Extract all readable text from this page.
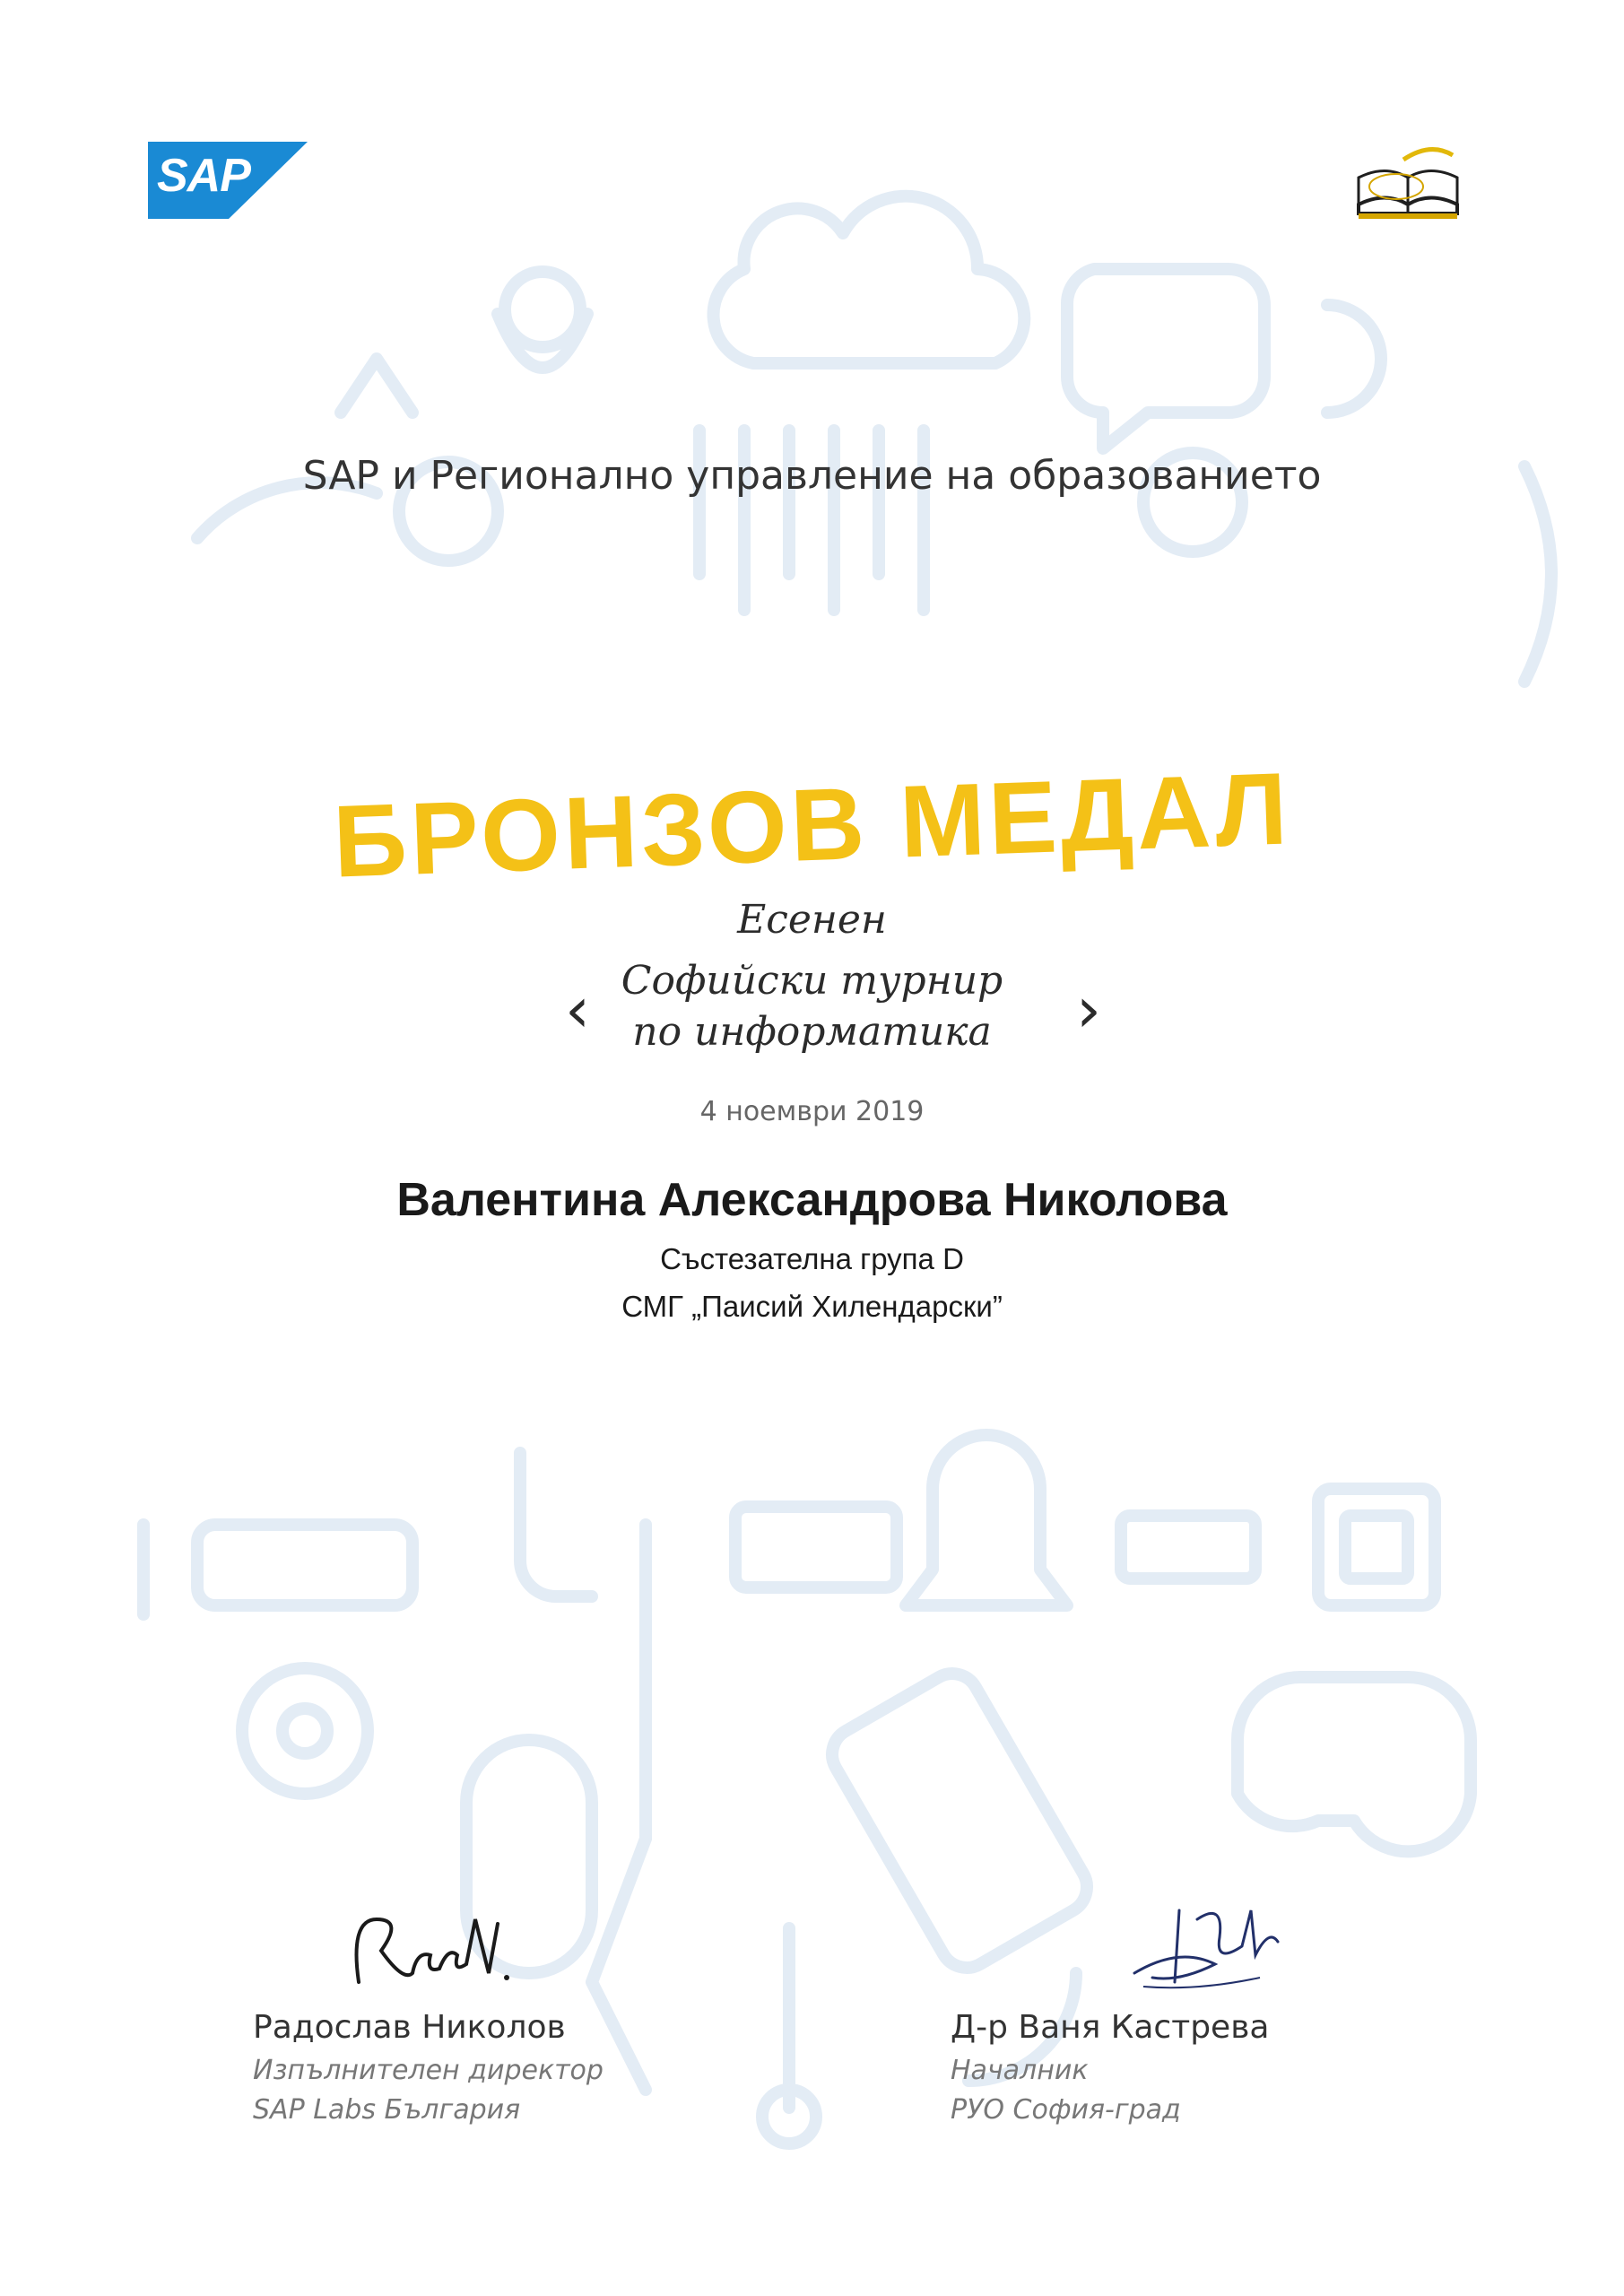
SAP
SAP и Регионално управление на образованието
БРОНЗОВ МЕДАЛ
Есенен
‹ Софийски турнир
по информатика	›
4 ноември 2019
Валентина Александрова Николова
Състезателна група D
СМГ „Паисий Хилендарски”
Радослав Николов
Изпълнителен директор
SAP Labs България
Д-р Ваня Кастрева
Началник
РУО София-град
